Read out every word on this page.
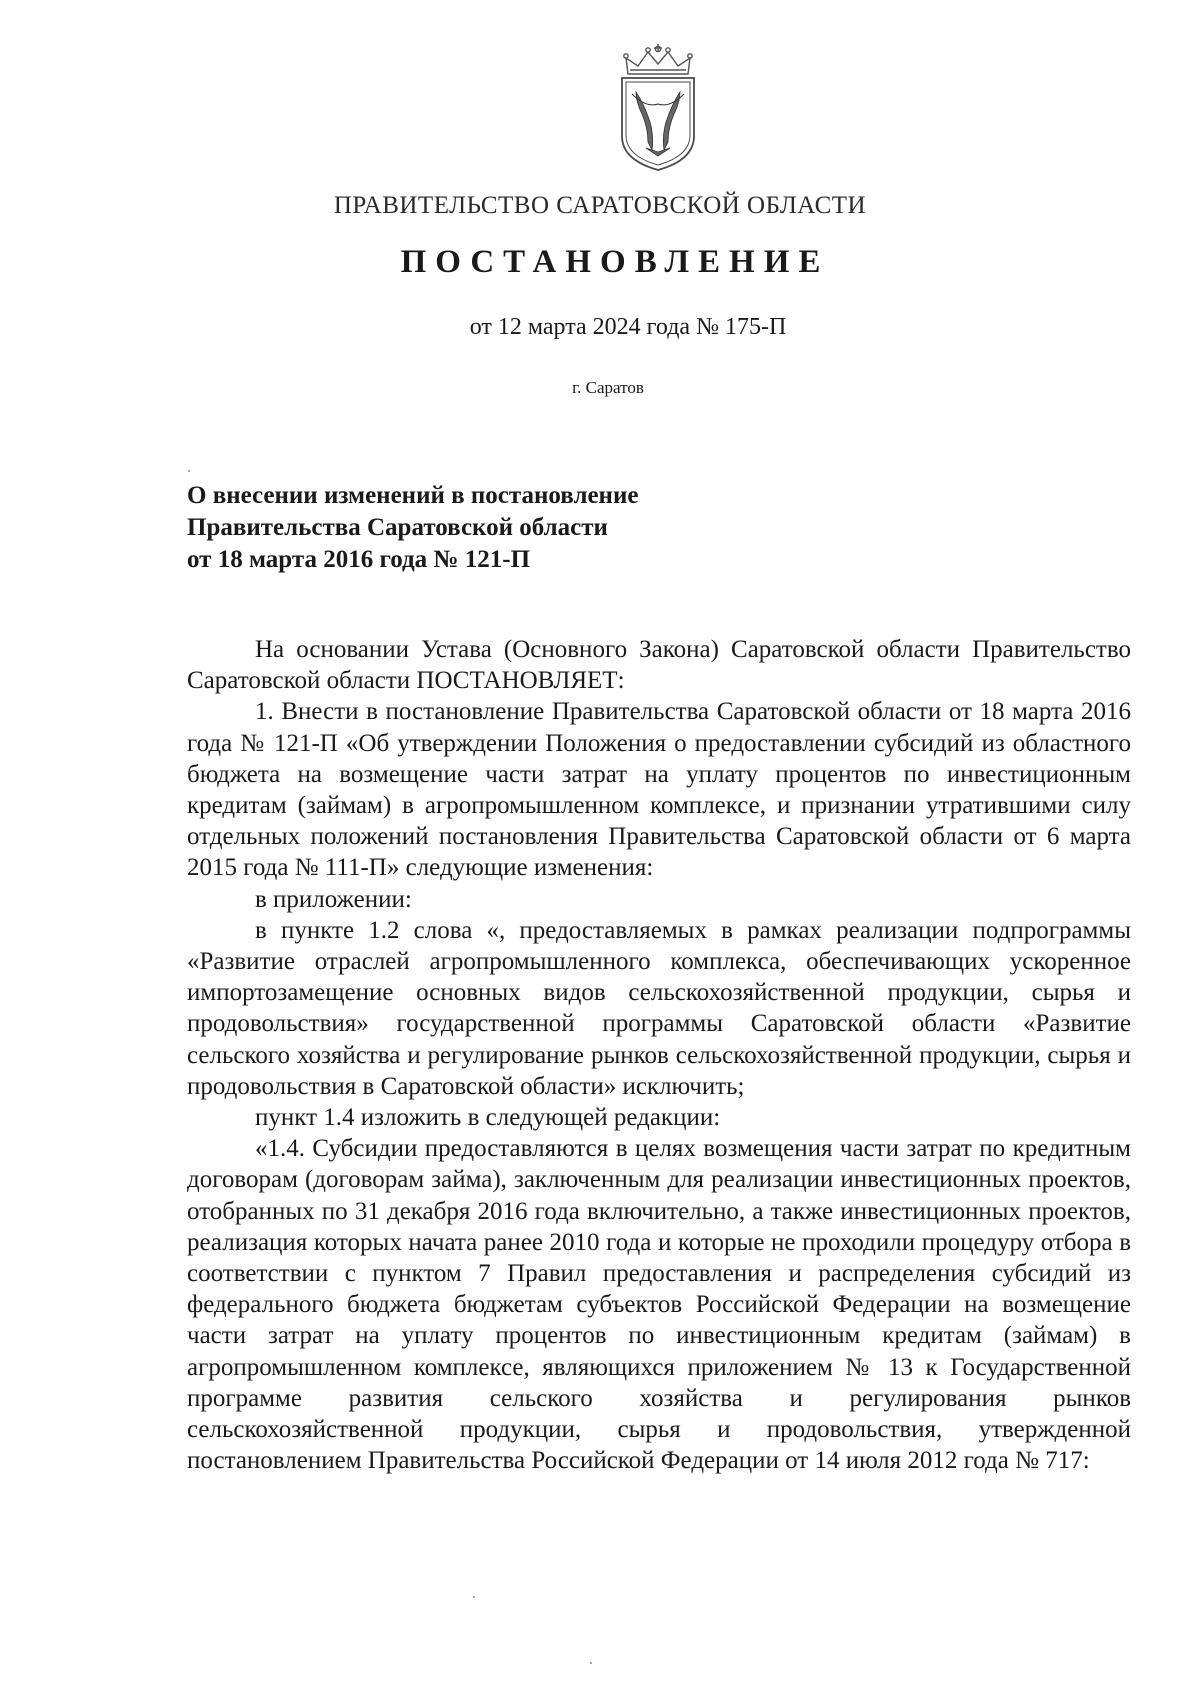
ПРАВИТЕЛЬСТВО САРАТОВСКОЙ ОБЛАСТИ
ПОСТАНОВЛЕНИЕ
от 12 марта 2024 года № 175-П
г. Саратов
О внесении изменений в постановление
Правительства Саратовской области
от 18 марта 2016 года № 121-П

На основании Устава (Основного Закона) Саратовской области Правительство Саратовской области ПОСТАНОВЛЯЕТ:

1. Внести в постановление Правительства Саратовской области от 18 марта 2016 года № 121-П «Об утверждении Положения о предоставлении субсидий из областного бюджета на возмещение части затрат на уплату процентов по инвестиционным кредитам (займам) в агропромышленном комплексе, и признании утратившими силу отдельных положений постановления Правительства Саратовской области от 6 марта 2015 года № 111-П» следующие изменения:

в приложении:

в пункте 1.2 слова «, предоставляемых в рамках реализации подпрограммы «Развитие отраслей агропромышленного комплекса, обеспечивающих ускоренное импортозамещение основных видов сельскохозяйственной продукции, сырья и продовольствия» государственной программы Саратовской области «Развитие сельского хозяйства и регулирование рынков сельскохозяйственной продукции, сырья и продовольствия в Саратовской области» исключить;

пункт 1.4 изложить в следующей редакции:

«1.4. Субсидии предоставляются в целях возмещения части затрат по кредитным договорам (договорам займа), заключенным для реализации инвестиционных проектов, отобранных по 31 декабря 2016 года включительно, а также инвестиционных проектов, реализация которых начата ранее 2010 года и которые не проходили процедуру отбора в соответствии с пунктом 7 Правил предоставления и распределения субсидий из федерального бюджета бюджетам субъектов Российской Федерации на возмещение части затрат на уплату процентов по инвестиционным кредитам (займам) в агропромышленном комплексе, являющихся приложением № 13 к Государственной программе развития сельского хозяйства и регулирования рынков сельскохозяйственной продукции, сырья и продовольствия, утвержденной постановлением Правительства Российской Федерации от 14 июля 2012 года № 717:
